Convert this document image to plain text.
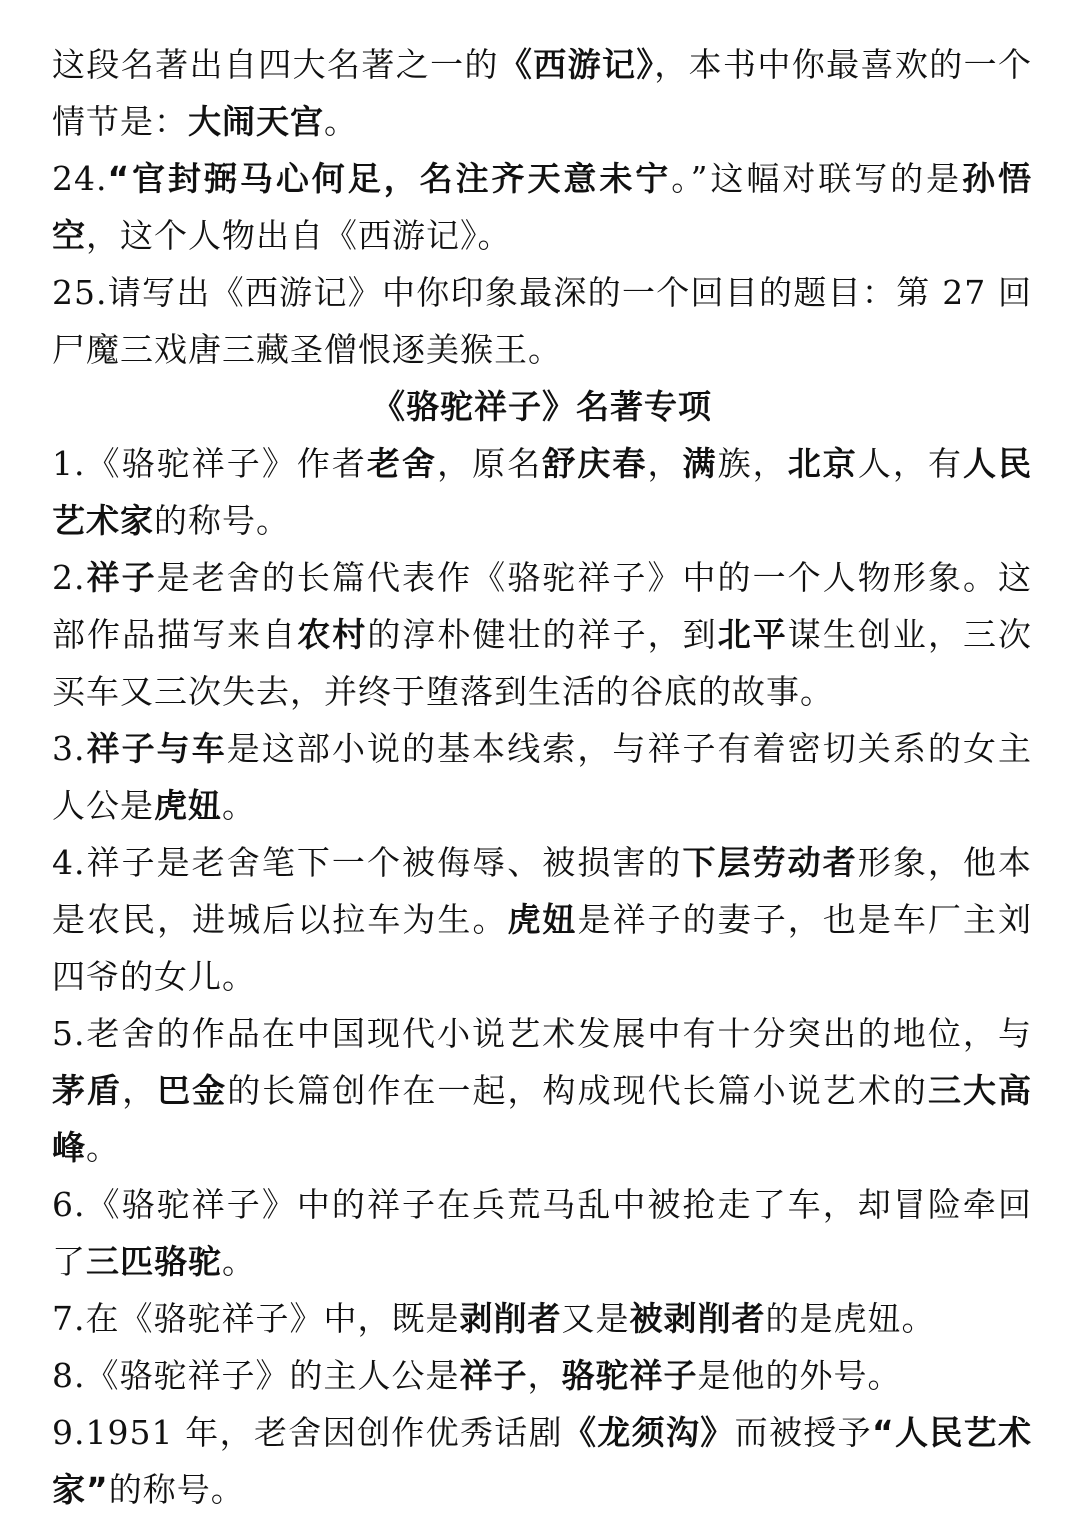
这段名著出自四大名著之一的《西游记》，本书中你最喜欢的一个情节是：大闹天宫。

24.“官封弼马心何足，名注齐天意未宁。”这幅对联写的是孙悟空，这个人物出自《西游记》。

25.请写出《西游记》中你印象最深的一个回目的题目：第 27 回尸魔三戏唐三藏圣僧恨逐美猴王。

《骆驼祥子》名著专项

1.《骆驼祥子》作者老舍，原名舒庆春，满族，北京人，有人民艺术家的称号。

2.祥子是老舍的长篇代表作《骆驼祥子》中的一个人物形象。这部作品描写来自农村的淳朴健壮的祥子，到北平谋生创业，三次买车又三次失去，并终于堕落到生活的谷底的故事。

3.祥子与车是这部小说的基本线索，与祥子有着密切关系的女主人公是虎妞。

4.祥子是老舍笔下一个被侮辱、被损害的下层劳动者形象，他本是农民，进城后以拉车为生。虎妞是祥子的妻子，也是车厂主刘四爷的女儿。

5.老舍的作品在中国现代小说艺术发展中有十分突出的地位，与茅盾，巴金的长篇创作在一起，构成现代长篇小说艺术的三大高峰。

6.《骆驼祥子》中的祥子在兵荒马乱中被抢走了车，却冒险牵回了三匹骆驼。

7.在《骆驼祥子》中，既是剥削者又是被剥削者的是虎妞。

8.《骆驼祥子》的主人公是祥子，骆驼祥子是他的外号。

9.1951 年，老舍因创作优秀话剧《龙须沟》而被授予“人民艺术家”的称号。
